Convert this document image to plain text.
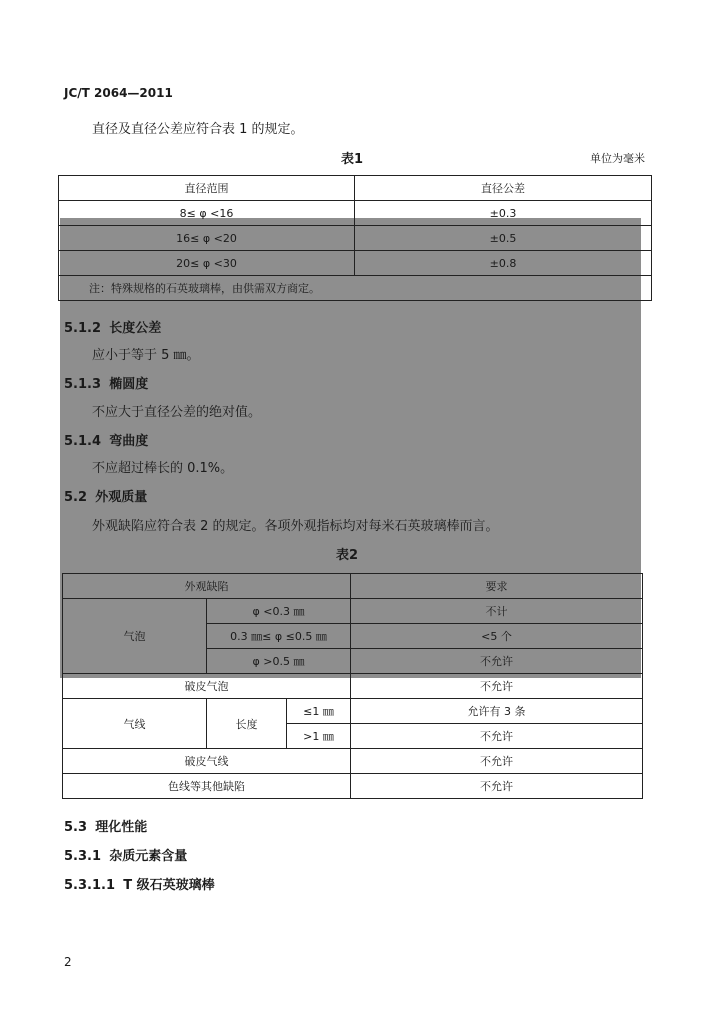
JC/T 2064—2011
直径及直径公差应符合表 1 的规定。
表1	单位为毫米
直径范围	直径公差
8≤ φ <16	±0.3
16≤ φ <20	±0.5
20≤ φ <30	±0.8
注：特殊规格的石英玻璃棒，由供需双方商定。	
5.1.2 长度公差
应小于等于 5 ㎜。
5.1.3 椭圆度
不应大于直径公差的绝对值。
5.1.4 弯曲度
不应超过棒长的 0.1%。
5.2 外观质量
外观缺陷应符合表 2 的规定。各项外观指标均对每米石英玻璃棒而言。
表2
外观缺陷			要求
气泡	φ <0.3 ㎜		不计
	0.3 ㎜≤ φ ≤0.5 ㎜		<5 个
	φ >0.5 ㎜		不允许
破皮气泡			不允许
气线	长度	≤1 ㎜	允许有 3 条
		>1 ㎜	不允许
破皮气线			不允许
色线等其他缺陷			不允许
5.3 理化性能
5.3.1 杂质元素含量
5.3.1.1 T 级石英玻璃棒
2
